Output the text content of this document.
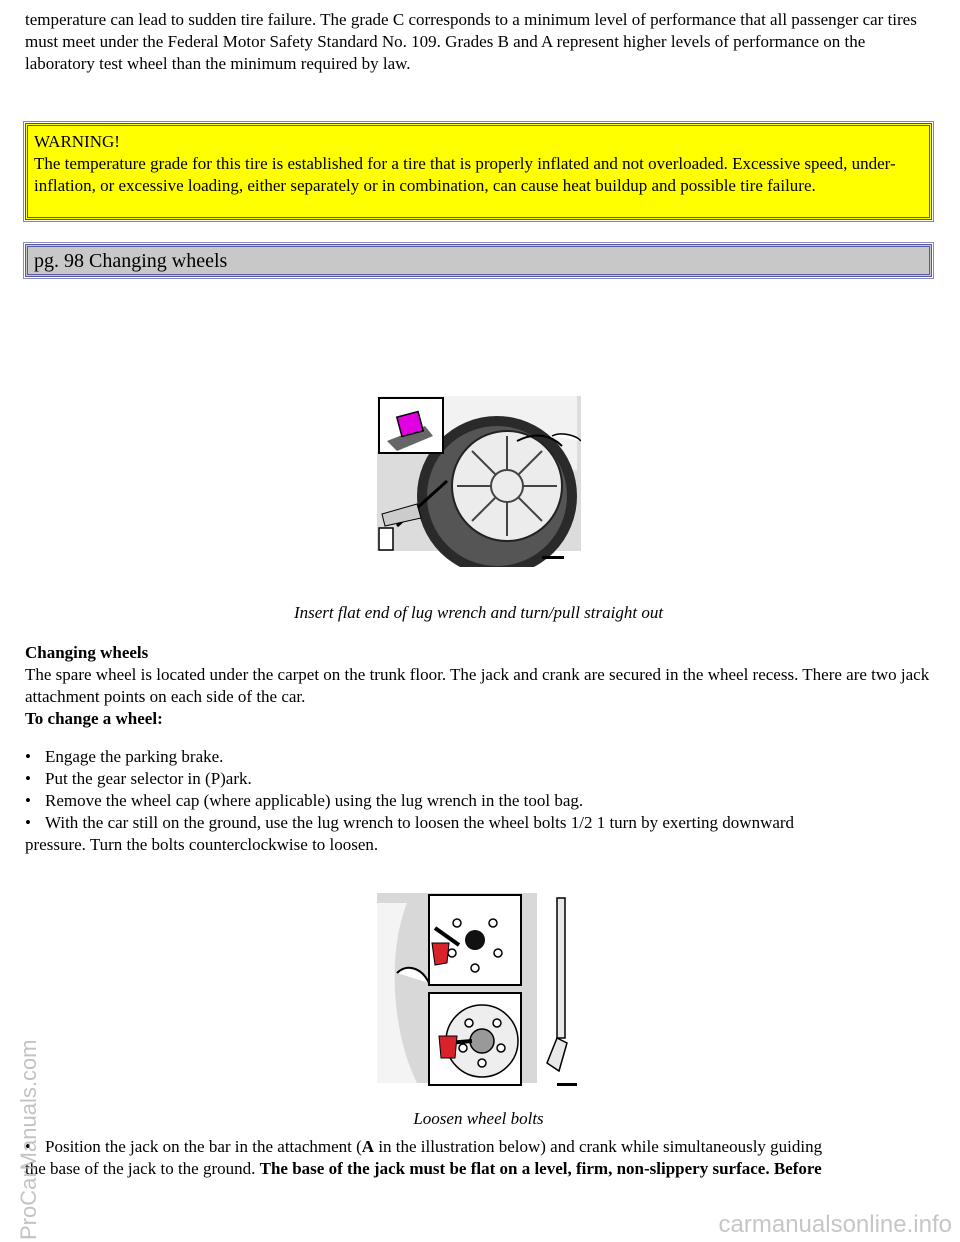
temperature can lead to sudden tire failure. The grade C corresponds to a minimum level of performance that all passenger car tires must meet under the Federal Motor Safety Standard No. 109. Grades B and A represent higher levels of performance on the laboratory test wheel than the minimum required by law.

WARNING!
The temperature grade for this tire is established for a tire that is properly inflated and not overloaded. Excessive speed, under-inflation, or excessive loading, either separately or in combination, can cause heat buildup and possible tire failure.
pg. 98 Changing wheels

Insert flat end of lug wrench and turn/pull straight out

Changing wheels

The spare wheel is located under the carpet on the trunk floor. The jack and crank are secured in the wheel recess. There are two jack attachment points on each side of the car.

To change a wheel:

• Engage the parking brake.
• Put the gear selector in (P)ark.
• Remove the wheel cap (where applicable) using the lug wrench in the tool bag.
• With the car still on the ground, use the lug wrench to loosen the wheel bolts 1/2 1 turn by exerting downward
pressure. Turn the bolts counterclockwise to loosen.

Loosen wheel bolts

• Position the jack on the bar in the attachment (A in the illustration below) and crank while simultaneously guiding
the base of the jack to the ground. The base of the jack must be flat on a level, firm, non-slippery surface. Before
ProCarManuals.com	carmanualsonline.info
